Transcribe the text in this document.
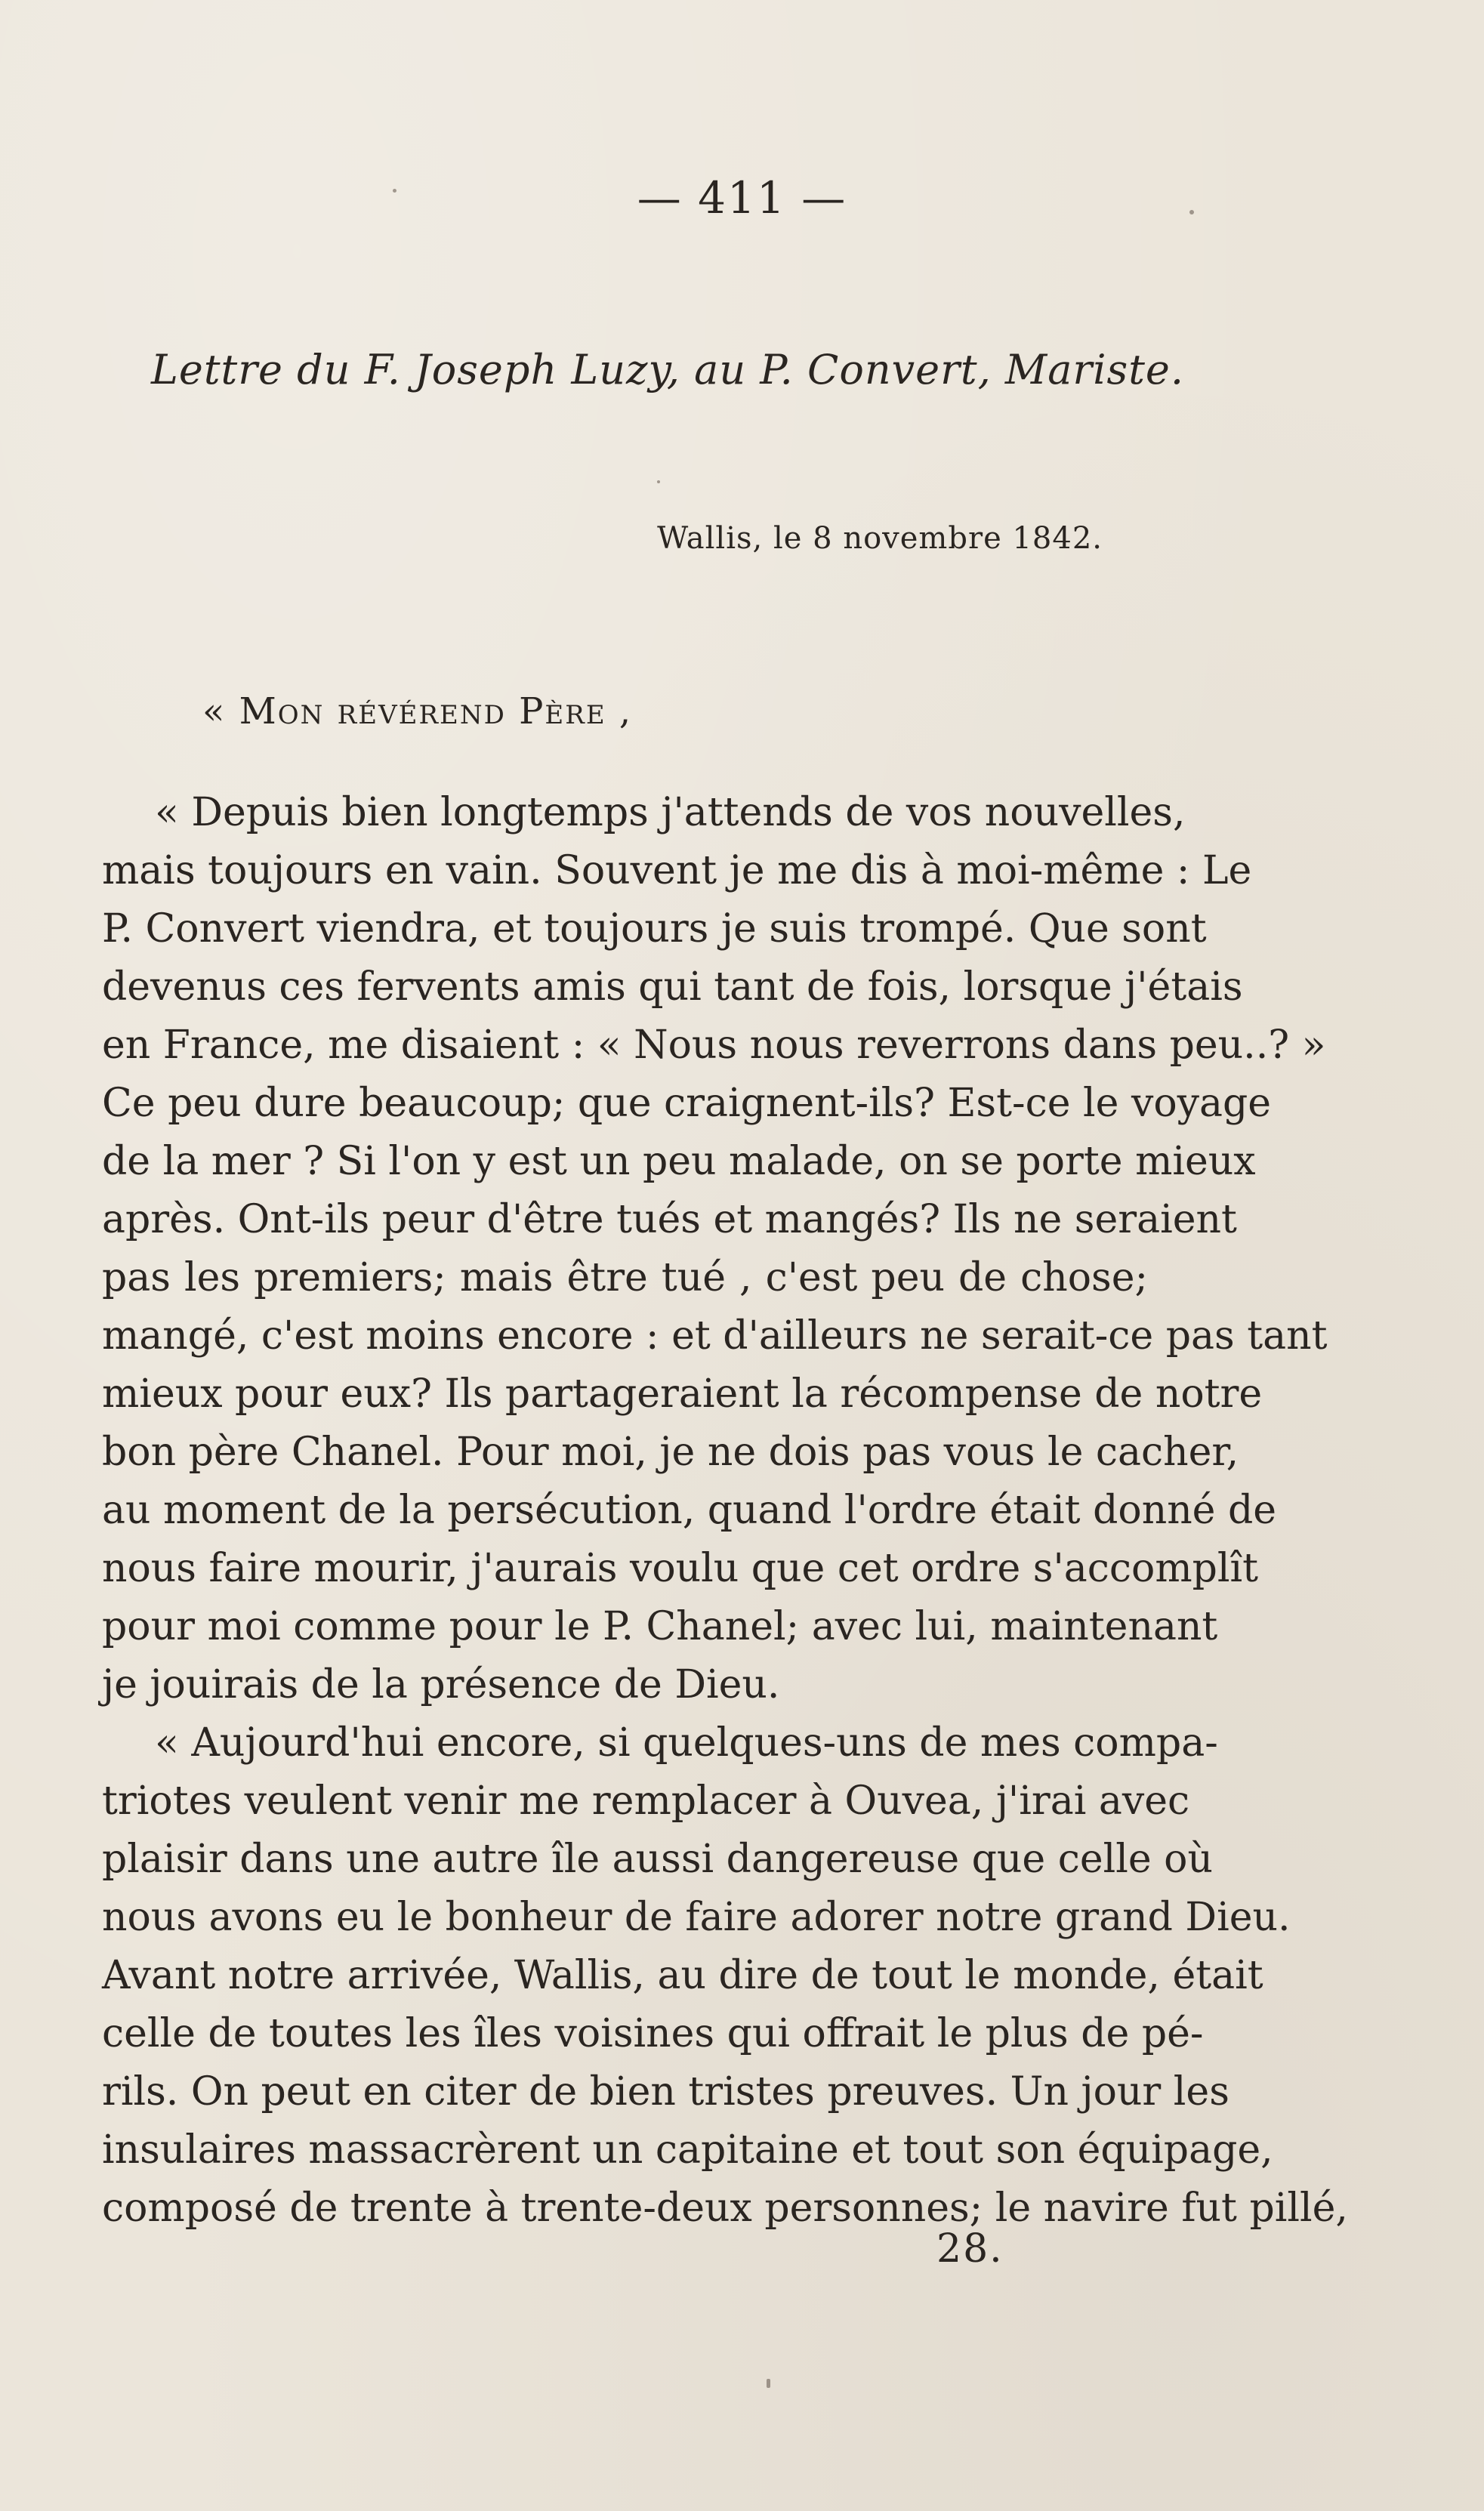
— 411 —
Lettre du F. Joseph Luzy, au P. Convert, Mariste.
Wallis, le 8 novembre 1842.
« Mon révérend Père ,
« Depuis bien longtemps j'attends de vos nouvelles,
mais toujours en vain. Souvent je me dis à moi-même : Le
P. Convert viendra, et toujours je suis trompé. Que sont
devenus ces fervents amis qui tant de fois, lorsque j'étais
en France, me disaient : « Nous nous reverrons dans peu..? »
Ce peu dure beaucoup; que craignent-ils? Est-ce le voyage
de la mer ? Si l'on y est un peu malade, on se porte mieux
après. Ont-ils peur d'être tués et mangés? Ils ne seraient
pas les premiers; mais être tué , c'est peu de chose;
mangé, c'est moins encore : et d'ailleurs ne serait-ce pas tant
mieux pour eux? Ils partageraient la récompense de notre
bon père Chanel. Pour moi, je ne dois pas vous le cacher,
au moment de la persécution, quand l'ordre était donné de
nous faire mourir, j'aurais voulu que cet ordre s'accomplît
pour moi comme pour le P. Chanel; avec lui, maintenant
je jouirais de la présence de Dieu.
« Aujourd'hui encore, si quelques-uns de mes compa-
triotes veulent venir me remplacer à Ouvea, j'irai avec
plaisir dans une autre île aussi dangereuse que celle où
nous avons eu le bonheur de faire adorer notre grand Dieu.
Avant notre arrivée, Wallis, au dire de tout le monde, était
celle de toutes les îles voisines qui offrait le plus de pé-
rils. On peut en citer de bien tristes preuves. Un jour les
insulaires massacrèrent un capitaine et tout son équipage,
composé de trente à trente-deux personnes; le navire fut pillé,
28.
